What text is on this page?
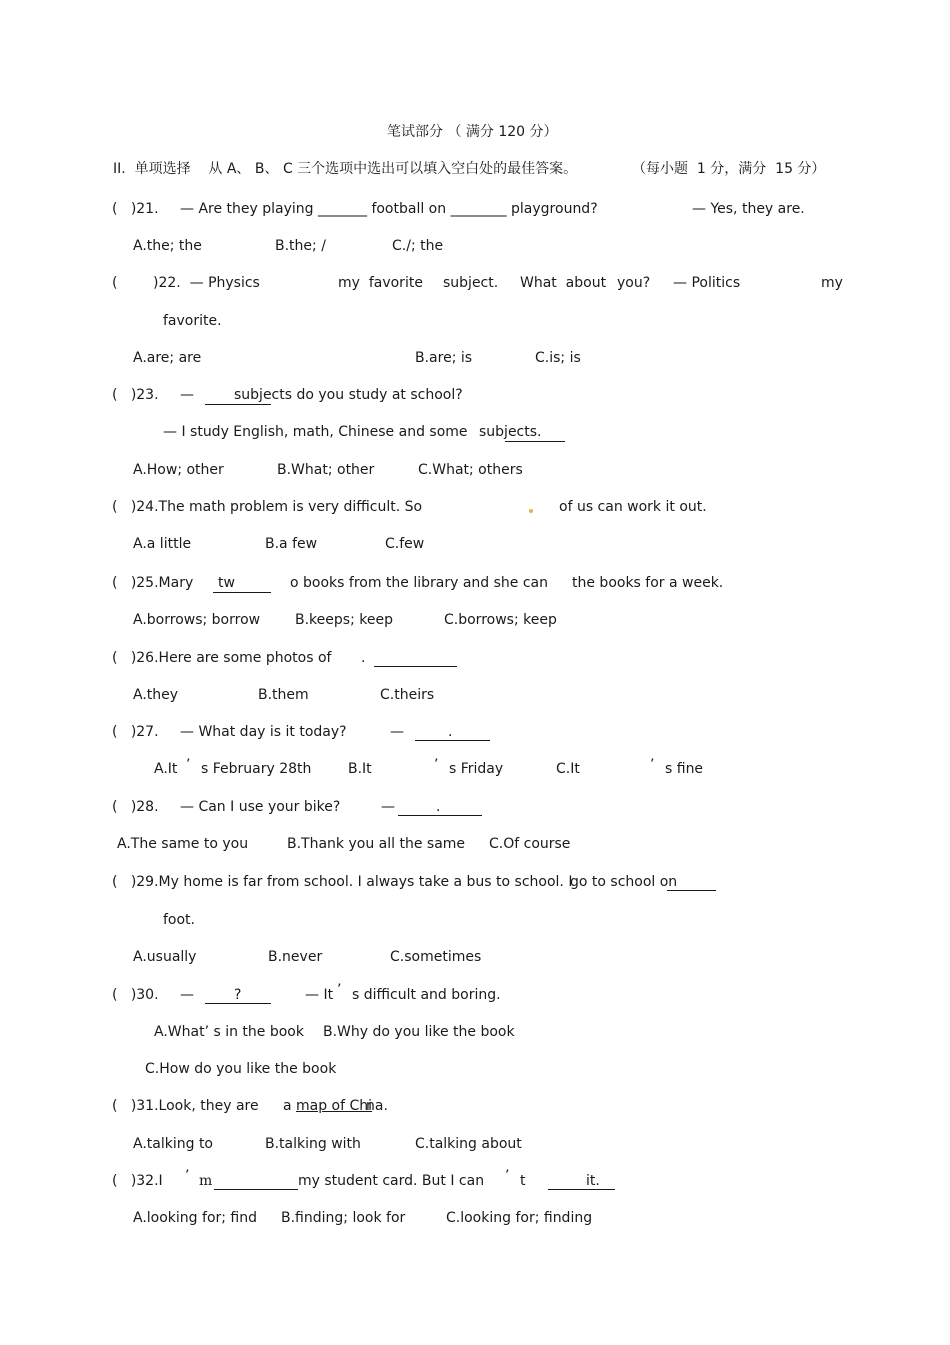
笔试部分 （ 满分 120 分）
II.  单项选择    从 A、 B、 C 三个选项中选出可以填入空白处的最佳答案。	（每小题  1 分，满分  15 分）
(   )21. — Are they playing _______ football on ________ playground?	— Yes, they are.
A.the; the	B.the; /	C./; the
(	)22.  — Physics	my  favorite subject. What  about you? — Politics	my
favorite.
A.are; are	B.are; is	C.is; is
(   )23. —	subjects do you study at school?
— I study English, math, Chinese and some subjects.
A.How; other	B.What; other	C.What; others
(   )24.The math problem is very difficult. So	of us can work it out.
A.a little	B.a few	C.few
(   )25.Mary tw	o books from the library and she can the books for a week.
A.borrows; borrow B.keeps; keep	C.borrows; keep
(   )26.Here are some photos of .
A.they	B.them	C.theirs
(   )27. — What day is it today?	—	.
A.It ’ s February 28th	B.It	’ s Friday	C.It	’ s fine
(   )28. — Can I use your bike?	—	.
A.The same to you	B.Thank you all the same C.Of course
(   )29.My home is far from school. I always take a bus to school. I
go to school on
foot.
A.usually	B.never	C.sometimes
(   )30. —	?	— It ’ s difficult and boring.
A.What’ s in the book B.Why do you like the book
C.How do you like the book
(   )31.Look, they are a map of Chi
na.
A.talking to	B.talking with	C.talking about
(   )32.I ’ m	my student card. But I can ’ t	it.
A.looking for; find B.finding; look for	C.looking for; finding
